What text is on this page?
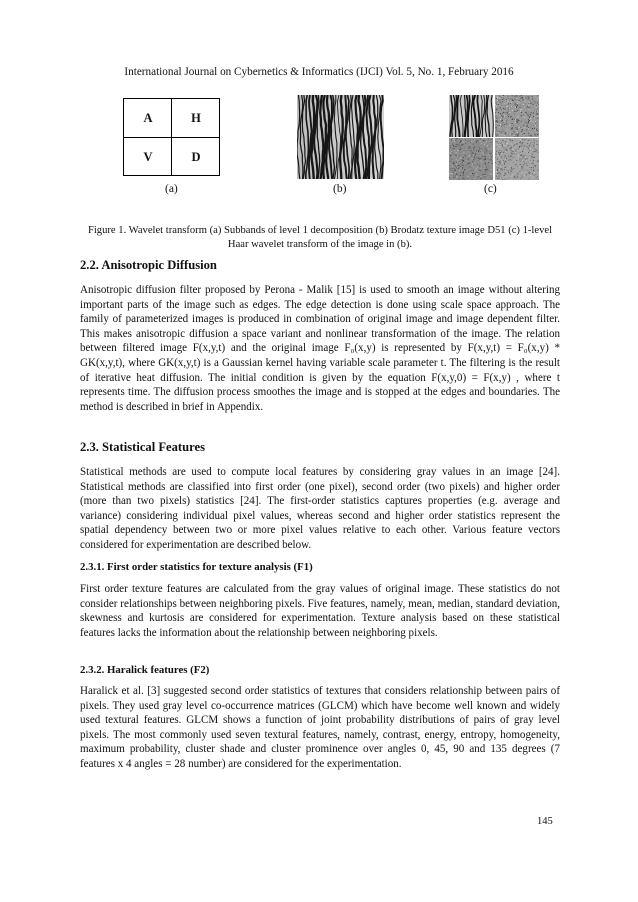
International Journal on Cybernetics & Informatics (IJCI) Vol. 5, No. 1, February 2016
A	H
V	D
(a)	(b)	(c)
Figure 1. Wavelet transform (a) Subbands of level 1 decomposition (b) Brodatz texture image D51 (c) 1-level Haar wavelet transform of the image in (b).
2.2. Anisotropic Diffusion
Anisotropic diffusion filter proposed by Perona - Malik [15] is used to smooth an image without altering important parts of the image such as edges. The edge detection is done using scale space approach. The family of parameterized images is produced in combination of original image and image dependent filter. This makes anisotropic diffusion a space variant and nonlinear transformation of the image. The relation between filtered image F(x,y,t) and the original image F₀(x,y) is represented by F(x,y,t) = F₀(x,y) * GK(x,y,t), where GK(x,y,t) is a Gaussian kernel having variable scale parameter t. The filtering is the result of iterative heat diffusion. The initial condition is given by the equation F(x,y,0) = F(x,y) , where t represents time. The diffusion process smoothes the image and is stopped at the edges and boundaries. The method is described in brief in Appendix.
2.3. Statistical Features
Statistical methods are used to compute local features by considering gray values in an image [24]. Statistical methods are classified into first order (one pixel), second order (two pixels) and higher order (more than two pixels) statistics [24]. The first-order statistics captures properties (e.g. average and variance) considering individual pixel values, whereas second and higher order statistics represent the spatial dependency between two or more pixel values relative to each other. Various feature vectors considered for experimentation are described below.
2.3.1. First order statistics for texture analysis (F1)
First order texture features are calculated from the gray values of original image. These statistics do not consider relationships between neighboring pixels. Five features, namely, mean, median, standard deviation, skewness and kurtosis are considered for experimentation. Texture analysis based on these statistical features lacks the information about the relationship between neighboring pixels.
2.3.2. Haralick features (F2)
Haralick et al. [3] suggested second order statistics of textures that considers relationship between pairs of pixels. They used gray level co-occurrence matrices (GLCM) which have become well known and widely used textural features. GLCM shows a function of joint probability distributions of pairs of gray level pixels. The most commonly used seven textural features, namely, contrast, energy, entropy, homogeneity, maximum probability, cluster shade and cluster prominence over angles 0, 45, 90 and 135 degrees (7 features x 4 angles = 28 number) are considered for the experimentation.
145
